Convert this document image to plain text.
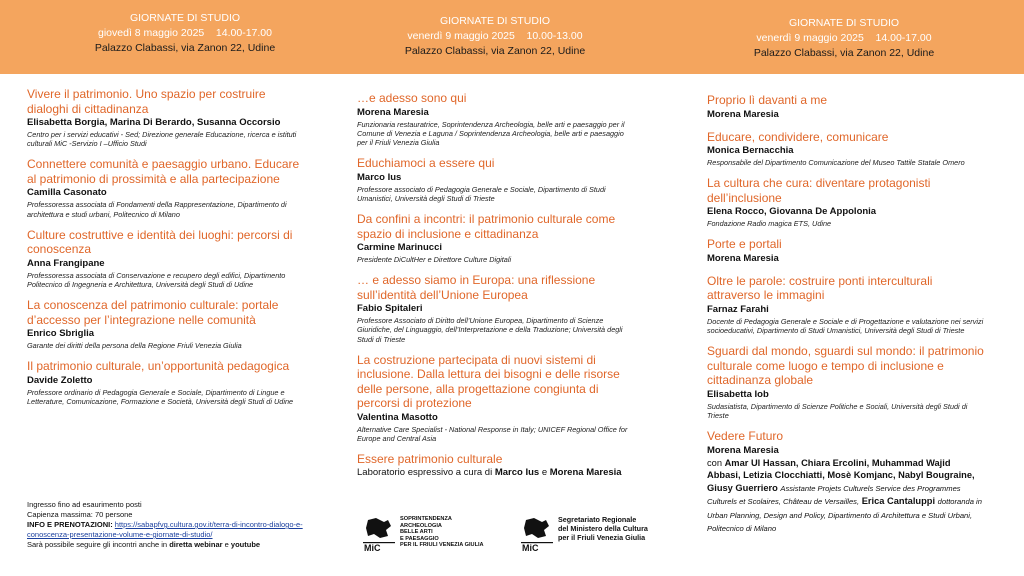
GIORNATE DI STUDIO
giovedì 8 maggio 2025 14.00-17.00
Palazzo Clabassi, via Zanon 22, Udine
GIORNATE DI STUDIO
venerdì 9 maggio 2025 10.00-13.00
Palazzo Clabassi, via Zanon 22, Udine
GIORNATE DI STUDIO
venerdì 9 maggio 2025 14.00-17.00
Palazzo Clabassi, via Zanon 22, Udine
Vivere il patrimonio. Uno spazio per costruire dialoghi di cittadinanza
Elisabetta Borgia, Marina Di Berardo, Susanna Occorsio
Centro per i servizi educativi - Sed; Direzione generale Educazione, ricerca e istituti culturali MiC -Servizio I –Ufficio Studi
Connettere comunità e paesaggio urbano. Educare al patrimonio di prossimità e alla partecipazione
Camilla Casonato
Professoressa associata di Fondamenti della Rappresentazione, Dipartimento di architettura e studi urbani, Politecnico di Milano
Culture costruttive e identità dei luoghi: percorsi di conoscenza
Anna Frangipane
Professoressa associata di Conservazione e recupero degli edifici, Dipartimento Politecnico di Ingegneria e Architettura, Università degli Studi di Udine
La conoscenza del patrimonio culturale: portale d’accesso per l’integrazione nelle comunità
Enrico Sbriglia
Garante dei diritti della persona della Regione Friuli Venezia Giulia
Il patrimonio culturale, un’opportunità pedagogica
Davide Zoletto
Professore ordinario di Pedagogia Generale e Sociale, Dipartimento di Lingue e Letterature, Comunicazione, Formazione e Società, Università degli Studi di Udine
…e adesso sono qui
Morena Maresia
Funzionaria restauratrice, Soprintendenza Archeologia, belle arti e paesaggio per il Comune di Venezia e Laguna / Soprintendenza Archeologia, belle arti e paesaggio per il Friuli Venezia Giulia
Educhiamoci a essere qui
Marco Ius
Professore associato di Pedagogia Generale e Sociale, Dipartimento di Studi Umanistici, Università degli Studi di Trieste
Da confini a incontri: il patrimonio culturale come spazio di inclusione e cittadinanza
Carmine Marinucci
Presidente DiCultHer e Direttore Culture Digitali
… e adesso siamo in Europa: una riflessione sull’identità dell’Unione Europea
Fabio Spitaleri
Professore Associato di Diritto dell’Unione Europea, Dipartimento di Scienze Giuridiche, del Linguaggio, dell’Interpretazione e della Traduzione; Università degli Studi di Trieste
La costruzione partecipata di nuovi sistemi di inclusione. Dalla lettura dei bisogni e delle risorse delle persone, alla progettazione congiunta di percorsi di protezione
Valentina Masotto
Alternative Care Specialist - National Response in Italy; UNICEF Regional Office for Europe and Central Asia
Essere patrimonio culturale
Laboratorio espressivo a cura di Marco Ius e Morena Maresia
Proprio lì davanti a me
Morena Maresia
Educare, condividere, comunicare
Monica Bernacchia
Responsabile del Dipartimento Comunicazione del Museo Tattile Statale Omero
La cultura che cura: diventare protagonisti dell’inclusione
Elena Rocco, Giovanna De Appolonia
Fondazione Radio magica ETS, Udine
Porte e portali
Morena Maresia
Oltre le parole: costruire ponti interculturali attraverso le immagini
Farnaz Farahi
Docente di Pedagogia Generale e Sociale e di Progettazione e valutazione nei servizi socioeducativi, Dipartimento di Studi Umanistici, Università degli Studi di Trieste
Sguardi dal mondo, sguardi sul mondo: il patrimonio culturale come luogo e tempo di inclusione e cittadinanza globale
Elisabetta Iob
Sudasiatista, Dipartimento di Scienze Politiche e Sociali, Università degli Studi di Trieste
Vedere Futuro
Morena Maresia
con Amar Ul Hassan, Chiara Ercolini, Muhammad Wajid Abbasi, Letizia Clocchiatti, Mosè Komjanc, Nabyl Bougraine, Giusy Guerriero Assistante Projets Culturels Service des Programmes Culturels et Scolaires, Château de Versailles, Erica Cantaluppi dottoranda in Urban Planning, Design and Policy, Dipartimento di Architettura e Studi Urbani, Politecnico di Milano
Ingresso fino ad esaurimento posti
Capienza massima: 70 persone
INFO E PRENOTAZIONI: https://sabapfvg.cultura.gov.it/terra-di-incontro-dialogo-e-conoscenza-presentazione-volume-e-giornate-di-studio/
Sarà possibile seguire gli incontri anche in diretta webinar e youtube	MiC
SOPRINTENDENZA
ARCHEOLOGIA
BELLE ARTI
E PAESAGGIO
PER IL FRIULI VENEZIA GIULIA	MiC
Segretariato Regionale
del Ministero della Cultura
per il Friuli Venezia Giulia
